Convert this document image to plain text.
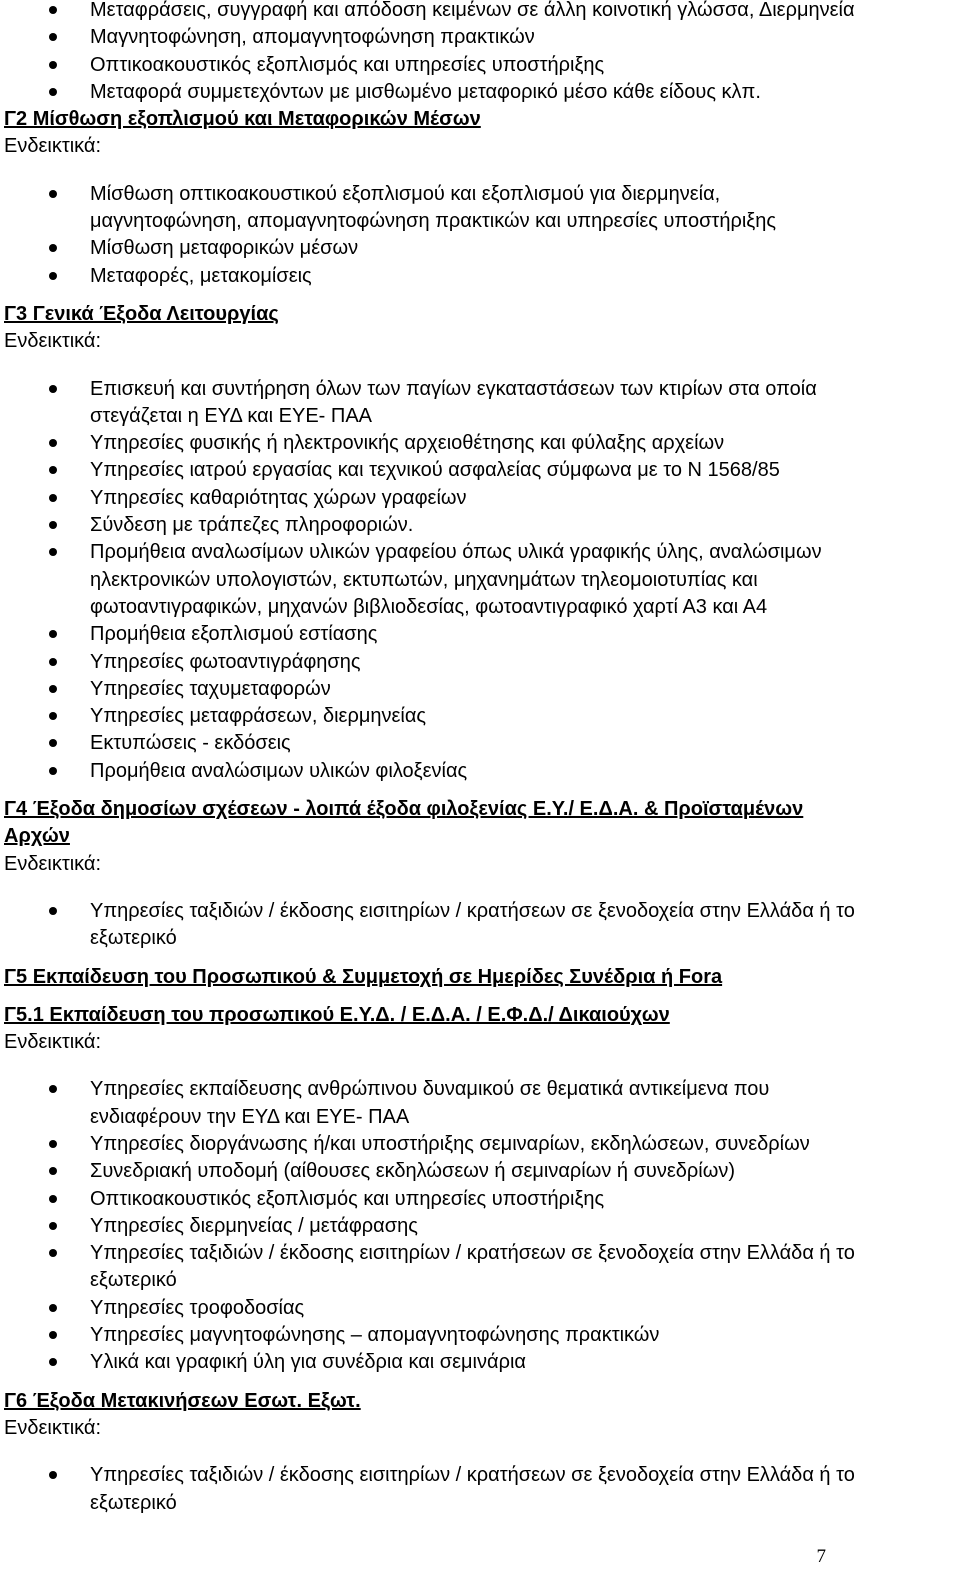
Μεταφράσεις, συγγραφή και απόδοση κειμένων σε άλλη κοινοτική γλώσσα, Διερμηνεία
Μαγνητοφώνηση, απομαγνητοφώνηση πρακτικών
Οπτικοακουστικός εξοπλισμός και υπηρεσίες υποστήριξης
Μεταφορά συμμετεχόντων με μισθωμένο μεταφορικό μέσο κάθε είδους κλπ.
Γ2 Μίσθωση εξοπλισμού και Μεταφορικών Μέσων
Ενδεικτικά:
Μίσθωση οπτικοακουστικού εξοπλισμού και εξοπλισμού για διερμηνεία,
μαγνητοφώνηση, απομαγνητοφώνηση πρακτικών και υπηρεσίες υποστήριξης
Μίσθωση μεταφορικών μέσων
Μεταφορές, μετακομίσεις
Γ3 Γενικά Έξοδα Λειτουργίας
Ενδεικτικά:
Επισκευή και συντήρηση όλων των παγίων εγκαταστάσεων των κτιρίων στα οποία
στεγάζεται η ΕΥΔ και ΕΥΕ- ΠΑΑ
Υπηρεσίες φυσικής ή ηλεκτρονικής αρχειοθέτησης και φύλαξης αρχείων
Υπηρεσίες ιατρού εργασίας και τεχνικού ασφαλείας σύμφωνα με το Ν 1568/85
Υπηρεσίες καθαριότητας χώρων γραφείων
Σύνδεση με τράπεζες πληροφοριών.
Προμήθεια αναλωσίμων υλικών γραφείου όπως υλικά γραφικής ύλης, αναλώσιμων
ηλεκτρονικών υπολογιστών, εκτυπωτών, μηχανημάτων τηλεομοιοτυπίας και
φωτοαντιγραφικών, μηχανών βιβλιοδεσίας, φωτοαντιγραφικό χαρτί Α3 και Α4
Προμήθεια εξοπλισμού εστίασης
Υπηρεσίες φωτοαντιγράφησης
Υπηρεσίες ταχυμεταφορών
Υπηρεσίες μεταφράσεων, διερμηνείας
Εκτυπώσεις - εκδόσεις
Προμήθεια αναλώσιμων υλικών φιλοξενίας
Γ4 Έξοδα δημοσίων σχέσεων - λοιπά έξοδα φιλοξενίας Ε.Υ./ Ε.Δ.Α. & Προϊσταμένων
Αρχών
Ενδεικτικά:
Υπηρεσίες ταξιδιών / έκδοσης εισιτηρίων / κρατήσεων σε ξενοδοχεία στην Ελλάδα ή το
εξωτερικό
Γ5 Εκπαίδευση του Προσωπικού & Συμμετοχή σε Ημερίδες Συνέδρια ή Fora
Γ5.1 Εκπαίδευση του προσωπικού Ε.Υ.Δ. / Ε.Δ.Α. / Ε.Φ.Δ./ Δικαιούχων
Ενδεικτικά:
Υπηρεσίες εκπαίδευσης ανθρώπινου δυναμικού σε θεματικά αντικείμενα που
ενδιαφέρουν την ΕΥΔ και ΕΥΕ- ΠΑΑ
Υπηρεσίες διοργάνωσης ή/και υποστήριξης σεμιναρίων, εκδηλώσεων, συνεδρίων
Συνεδριακή υποδομή (αίθουσες εκδηλώσεων ή σεμιναρίων ή συνεδρίων)
Οπτικοακουστικός εξοπλισμός και υπηρεσίες υποστήριξης
Υπηρεσίες διερμηνείας / μετάφρασης
Υπηρεσίες ταξιδιών / έκδοσης εισιτηρίων / κρατήσεων σε ξενοδοχεία στην Ελλάδα ή το
εξωτερικό
Υπηρεσίες τροφοδοσίας
Υπηρεσίες μαγνητοφώνησης – απομαγνητοφώνησης πρακτικών
Υλικά και γραφική ύλη για συνέδρια και σεμινάρια
Γ6 Έξοδα Μετακινήσεων Εσωτ. Εξωτ.
Ενδεικτικά:
Υπηρεσίες ταξιδιών / έκδοσης εισιτηρίων / κρατήσεων σε ξενοδοχεία στην Ελλάδα ή το
εξωτερικό
7
